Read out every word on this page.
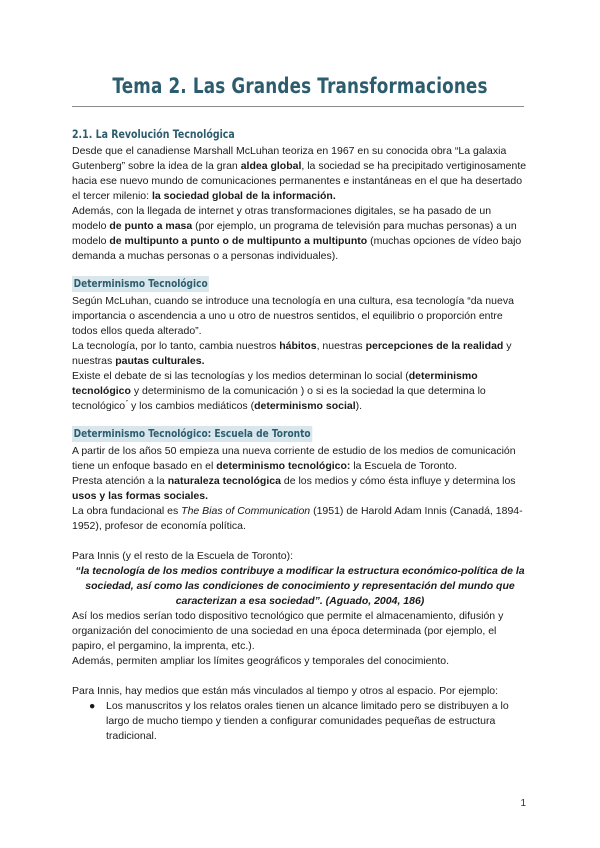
Tema 2. Las Grandes Transformaciones
2.1. La Revolución Tecnológica

Desde que el canadiense Marshall McLuhan teoriza en 1967 en su conocida obra “La galaxia Gutenberg” sobre la idea de la gran aldea global, la sociedad se ha precipitado vertiginosamente hacia ese nuevo mundo de comunicaciones permanentes e instantáneas en el que ha desertado el tercer milenio: la sociedad global de la información.

Además, con la llegada de internet y otras transformaciones digitales, se ha pasado de un modelo de punto a masa (por ejemplo, un programa de televisión para muchas personas) a un modelo de multipunto a punto o de multipunto a multipunto (muchas opciones de vídeo bajo demanda a muchas personas o a personas individuales).

Determinismo Tecnológico

Según McLuhan, cuando se introduce una tecnología en una cultura, esa tecnología “da nueva importancia o ascendencia a uno u otro de nuestros sentidos, el equilibrio o proporción entre todos ellos queda alterado”.

La tecnología, por lo tanto, cambia nuestros hábitos, nuestras percepciones de la realidad y nuestras pautas culturales.

Existe el debate de si las tecnologías y los medios determinan lo social (determinismo tecnológico y determinismo de la comunicación ) o si es la sociedad la que determina lo tecnológico ́ y los cambios mediáticos (determinismo social).

Determinismo Tecnológico: Escuela de Toronto

A partir de los años 50 empieza una nueva corriente de estudio de los medios de comunicación tiene un enfoque basado en el determinismo tecnológico: la Escuela de Toronto.

Presta atención a la naturaleza tecnológica de los medios y cómo ésta influye y determina los usos y las formas sociales.

La obra fundacional es The Bias of Communication (1951) de Harold Adam Innis (Canadá, 1894-1952), profesor de economía política.

Para Innis (y el resto de la Escuela de Toronto):

“la tecnología de los medios contribuye a modificar la estructura económico-política de la sociedad, así como las condiciones de conocimiento y representación del mundo que caracterizan a esa sociedad”. (Aguado, 2004, 186)

Así los medios serían todo dispositivo tecnológico que permite el almacenamiento, difusión y organización del conocimiento de una sociedad en una época determinada (por ejemplo, el papiro, el pergamino, la imprenta, etc.).

Además, permiten ampliar los límites geográficos y temporales del conocimiento.

Para Innis, hay medios que están más vinculados al tiempo y otros al espacio. Por ejemplo:

● Los manuscritos y los relatos orales tienen un alcance limitado pero se distribuyen a lo largo de mucho tiempo y tienden a configurar comunidades pequeñas de estructura tradicional.
1
